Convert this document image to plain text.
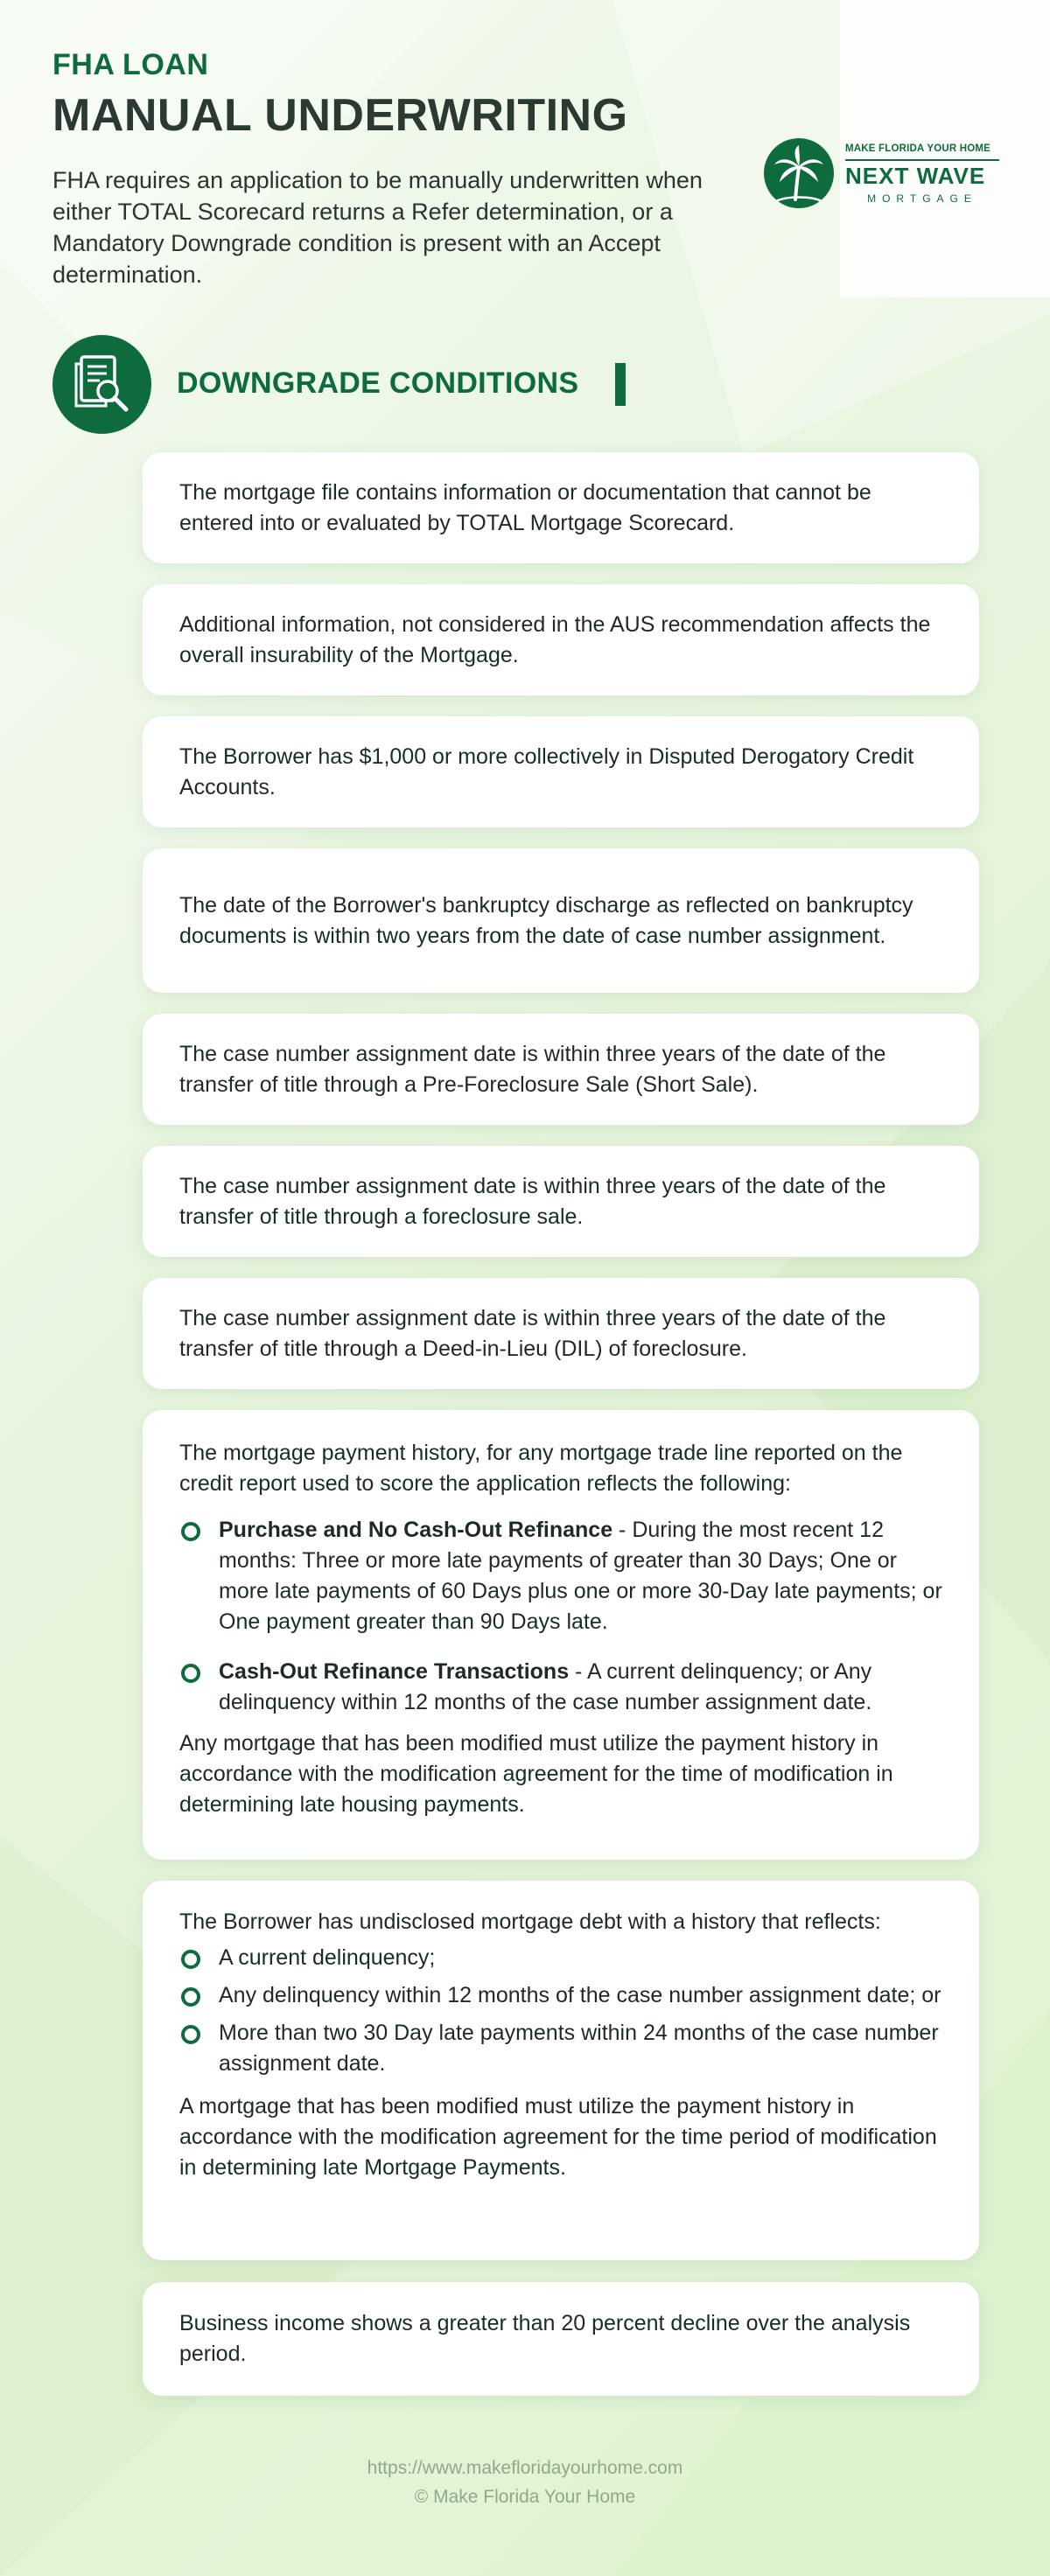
FHA LOAN

MANUAL UNDERWRITING
FHA requires an application to be manually underwritten when either TOTAL Scorecard returns a Refer determination, or a Mandatory Downgrade condition is present with an Accept determination.
MAKE FLORIDA YOUR HOME
NEXT WAVE
MORTGAGE
DOWNGRADE CONDITIONS

The mortgage file contains information or documentation that cannot be entered into or evaluated by TOTAL Mortgage Scorecard.

Additional information, not considered in the AUS recommendation affects the overall insurability of the Mortgage.

The Borrower has $1,000 or more collectively in Disputed Derogatory Credit Accounts.

The date of the Borrower's bankruptcy discharge as reflected on bankruptcy documents is within two years from the date of case number assignment.

The case number assignment date is within three years of the date of the transfer of title through a Pre-Foreclosure Sale (Short Sale).

The case number assignment date is within three years of the date of the transfer of title through a foreclosure sale.

The case number assignment date is within three years of the date of the transfer of title through a Deed-in-Lieu (DIL) of foreclosure.

The mortgage payment history, for any mortgage trade line reported on the credit report used to score the application reflects the following:

Purchase and No Cash-Out Refinance - During the most recent 12 months: Three or more late payments of greater than 30 Days; One or more late payments of 60 Days plus one or more 30-Day late payments; or One payment greater than 90 Days late.
Cash-Out Refinance Transactions - A current delinquency; or Any delinquency within 12 months of the case number assignment date.

Any mortgage that has been modified must utilize the payment history in accordance with the modification agreement for the time of modification in determining late housing payments.

The Borrower has undisclosed mortgage debt with a history that reflects:

A current delinquency;
Any delinquency within 12 months of the case number assignment date; or
More than two 30 Day late payments within 24 months of the case number assignment date.

A mortgage that has been modified must utilize the payment history in accordance with the modification agreement for the time period of modification in determining late Mortgage Payments.

Business income shows a greater than 20 percent decline over the analysis period.

https://www.makefloridayourhome.com
© Make Florida Your Home
